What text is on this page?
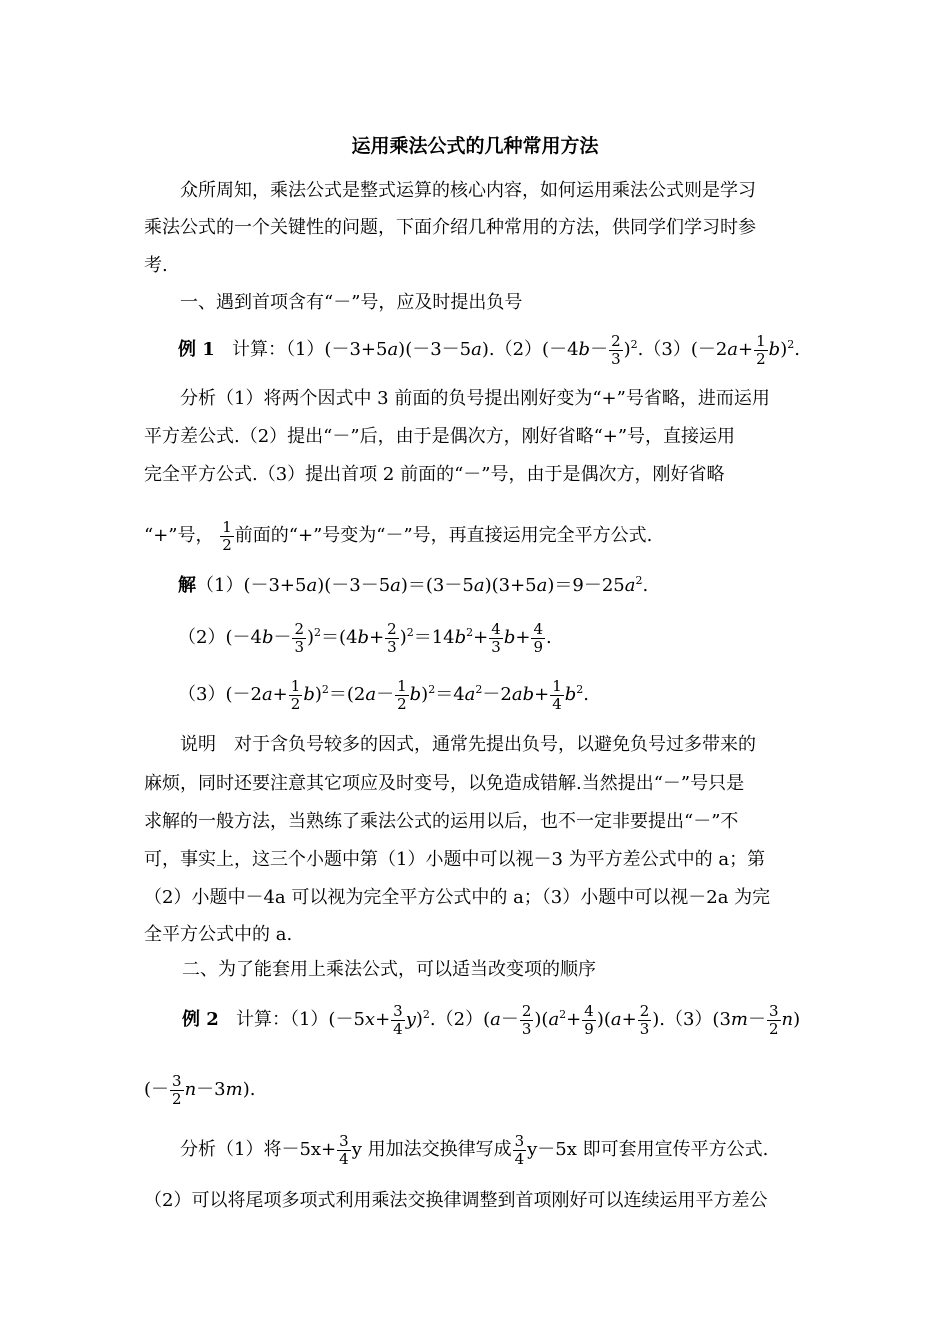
运用乘法公式的几种常用方法
众所周知，乘法公式是整式运算的核心内容，如何运用乘法公式则是学习
乘法公式的一个关键性的问题，下面介绍几种常用的方法，供同学们学习时参
考.
一、遇到首项含有“－”号，应及时提出负号
例 1 计算：$(1)(-3+5a)(-3-5a).(2)(-4b- \frac{2}{3} )^2.(3)(-2a+ \frac{1}{2} b)^2$.
分析（1）将两个因式中 3 前面的负号提出刚好变为“+”号省略，进而运用
平方差公式.（2）提出“－”后，由于是偶次方，刚好省略“+”号，直接运用
完全平方公式.（3）提出首项 2 前面的“－”号，由于是偶次方，刚好省略
“+”号， $\frac{1}{2}$ 前面的“+”号变为“－”号，再直接运用完全平方公式.
解$(1)(-3+5a)(-3-5a)=(3-5a)(3+5a)=9-25a^2$.
$(2)(-4b- \frac{2}{3} )^2=(4b+ \frac{2}{3} )^2=14b^2+ \frac{4}{3} b+ \frac{4}{9}$ .
$(3)(-2a+ \frac{1}{2} b)^2=(2a- \frac{1}{2} b)^2=4a^2-2ab+ \frac{1}{4} b^2$.
说明　对于含负号较多的因式，通常先提出负号，以避免负号过多带来的
麻烦，同时还要注意其它项应及时变号，以免造成错解.当然提出“－”号只是
求解的一般方法，当熟练了乘法公式的运用以后，也不一定非要提出“－”不
可，事实上，这三个小题中第（1）小题中可以视－3 为平方差公式中的 a；第
（2）小题中－4a 可以视为完全平方公式中的 a；（3）小题中可以视－2a 为完
全平方公式中的 a.
二、为了能套用上乘法公式，可以适当改变项的顺序
例 2 计算：$(1)(-5x+ \frac{3}{4} y)^2.(2)(a- \frac{2}{3} )(a^2+ \frac{4}{9} )(a+ \frac{2}{3} ).(3)(3m- \frac{3}{2} n)$
(－ $\frac{3}{2} n-3m$).
分析（1）将$-5x+ \frac{3}{4}$ y 用加法交换律写成 $\frac{3}{4} y-5x$ 即可套用宣传平方公式.
（2）可以将尾项多项式利用乘法交换律调整到首项刚好可以连续运用平方差公
